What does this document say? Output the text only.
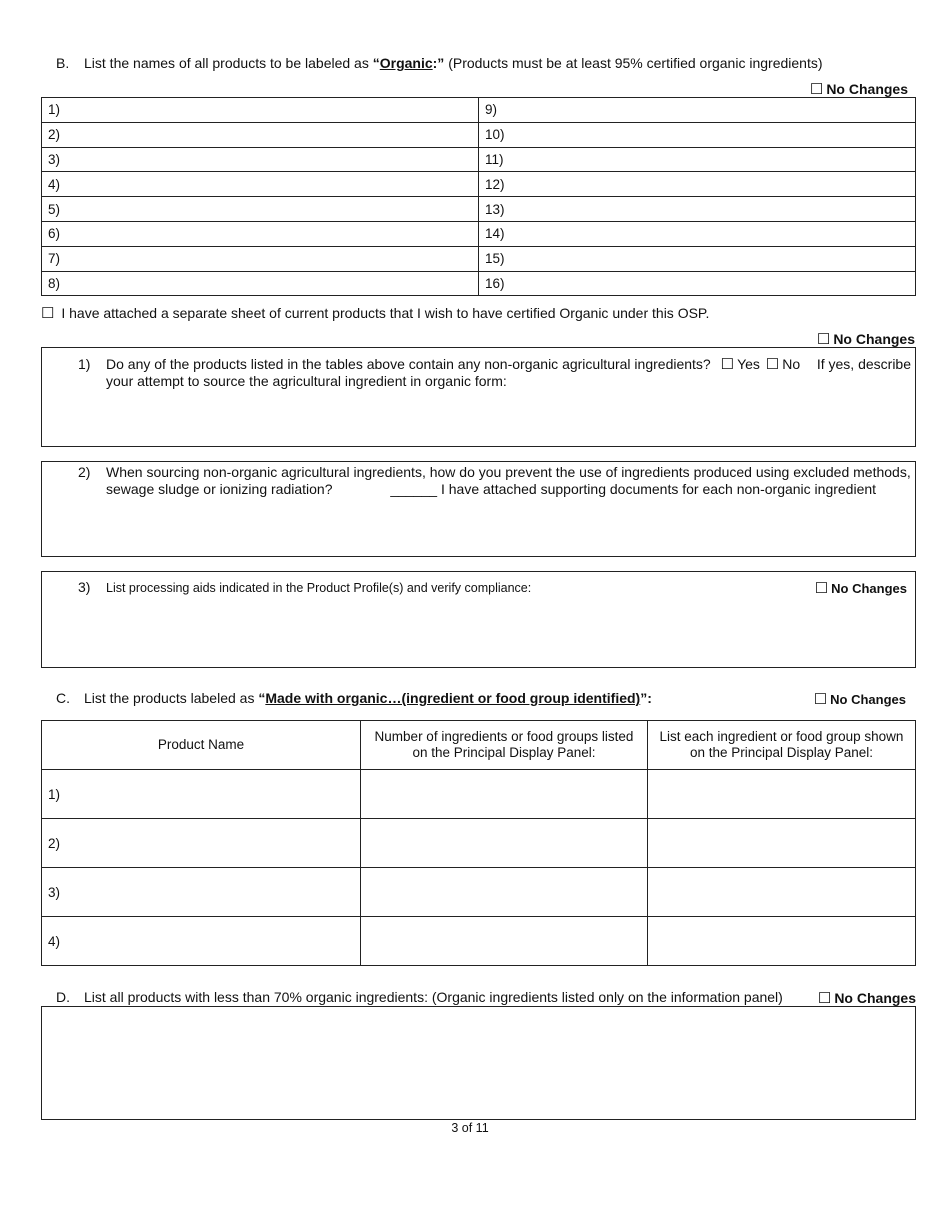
B. List the names of all products to be labeled as “Organic:” (Products must be at least 95% certified organic ingredients)
☐ No Changes
1)	9)
2)	10)
3)	11)
4)	12)
5)	13)
6)	14)
7)	15)
8)	16)
☐ I have attached a separate sheet of current products that I wish to have certified Organic under this OSP.
☐ No Changes
1) Do any of the products listed in the tables above contain any non-organic agricultural ingredients? ☐ Yes ☐ No If yes, describe
your attempt to source the agricultural ingredient in organic form:
2) When sourcing non-organic agricultural ingredients, how do you prevent the use of ingredients produced using excluded methods,
sewage sludge or ionizing radiation?	______ I have attached supporting documents for each non-organic ingredient
3) List processing aids indicated in the Product Profile(s) and verify compliance:	☐ No Changes
C. List the products labeled as “Made with organic…(ingredient or food group identified)”:	☐ No Changes
Product Name	Number of ingredients or food groups listed on the Principal Display Panel:	List each ingredient or food group shown on the Principal Display Panel:
1)		
2)		
3)		
4)		
D. List all products with less than 70% organic ingredients: (Organic ingredients listed only on the information panel) ☐ No Changes
3 of 11
